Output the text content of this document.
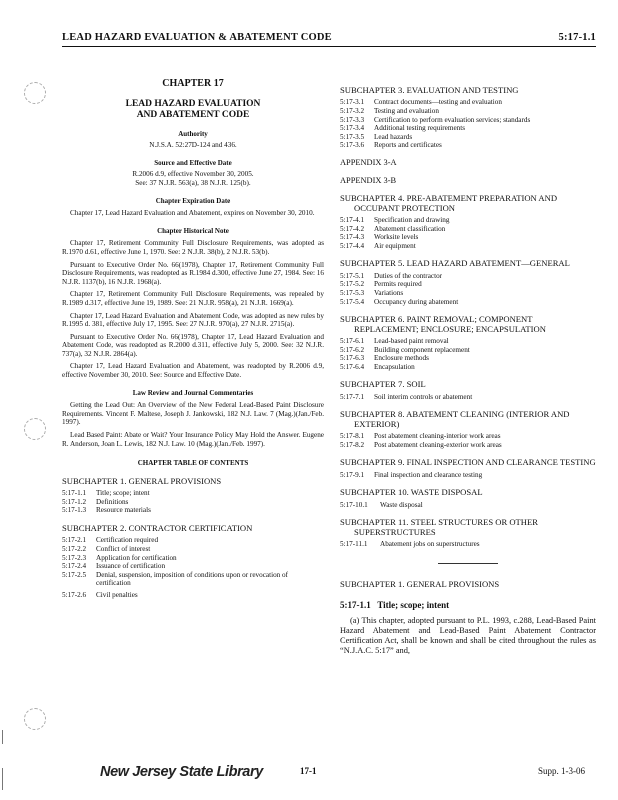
LEAD HAZARD EVALUATION & ABATEMENT CODE	5:17-1.1
CHAPTER 17
LEAD HAZARD EVALUATION
AND ABATEMENT CODE
Authority
N.J.S.A. 52:27D-124 and 436.
Source and Effective Date
R.2006 d.9, effective November 30, 2005.
See: 37 N.J.R. 563(a), 38 N.J.R. 125(b).
Chapter Expiration Date

Chapter 17, Lead Hazard Evaluation and Abatement, expires on November 30, 2010.

Chapter Historical Note

Chapter 17, Retirement Community Full Disclosure Requirements, was adopted as R.1970 d.61, effective June 1, 1970. See: 2 N.J.R. 38(b), 2 N.J.R. 53(b).

Pursuant to Executive Order No. 66(1978), Chapter 17, Retirement Community Full Disclosure Requirements, was readopted as R.1984 d.300, effective June 27, 1984. See: 16 N.J.R. 1137(b), 16 N.J.R. 1968(a).

Chapter 17, Retirement Community Full Disclosure Requirements, was repealed by R.1989 d.317, effective June 19, 1989. See: 21 N.J.R. 958(a), 21 N.J.R. 1669(a).

Chapter 17, Lead Hazard Evaluation and Abatement Code, was adopted as new rules by R.1995 d. 381, effective July 17, 1995. See: 27 N.J.R. 970(a), 27 N.J.R. 2715(a).

Pursuant to Executive Order No. 66(1978), Chapter 17, Lead Hazard Evaluation and Abatement Code, was readopted as R.2000 d.311, effective July 5, 2000. See: 32 N.J.R. 737(a), 32 N.J.R. 2864(a).

Chapter 17, Lead Hazard Evaluation and Abatement, was readopted by R.2006 d.9, effective November 30, 2010. See: Source and Effective Date.

Law Review and Journal Commentaries

Getting the Lead Out: An Overview of the New Federal Lead-Based Paint Disclosure Requirements. Vincent F. Maltese, Joseph J. Jankowski, 182 N.J. Law. 7 (Mag.)(Jan./Feb. 1997).

Lead Based Paint: Abate or Wait? Your Insurance Policy May Hold the Answer. Eugene R. Anderson, Joan L. Lewis, 182 N.J. Law. 10 (Mag.)(Jan./Feb. 1997).

CHAPTER TABLE OF CONTENTS
SUBCHAPTER 1. GENERAL PROVISIONS
5:17-1.1	Title; scope; intent
5:17-1.2	Definitions
5:17-1.3	Resource materials
SUBCHAPTER 2. CONTRACTOR CERTIFICATION
5:17-2.1	Certification required
5:17-2.2	Conflict of interest
5:17-2.3	Application for certification
5:17-2.4	Issuance of certification
5:17-2.5	Denial, suspension, imposition of conditions upon or revocation of certification
5:17-2.6	Civil penalties
SUBCHAPTER 3. EVALUATION AND TESTING
5:17-3.1	Contract documents—testing and evaluation
5:17-3.2	Testing and evaluation
5:17-3.3	Certification to perform evaluation services; standards
5:17-3.4	Additional testing requirements
5:17-3.5	Lead hazards
5:17-3.6	Reports and certificates
APPENDIX 3-A
APPENDIX 3-B
SUBCHAPTER 4. PRE-ABATEMENT PREPARATION AND OCCUPANT PROTECTION
5:17-4.1	Specification and drawing
5:17-4.2	Abatement classification
5:17-4.3	Worksite levels
5:17-4.4	Air equipment
SUBCHAPTER 5. LEAD HAZARD ABATEMENT—GENERAL
5:17-5.1	Duties of the contractor
5:17-5.2	Permits required
5:17-5.3	Variations
5:17-5.4	Occupancy during abatement
SUBCHAPTER 6. PAINT REMOVAL; COMPONENT REPLACEMENT; ENCLOSURE; ENCAPSULATION
5:17-6.1	Lead-based paint removal
5:17-6.2	Building component replacement
5:17-6.3	Enclosure methods
5:17-6.4	Encapsulation
SUBCHAPTER 7. SOIL
5:17-7.1	Soil interim controls or abatement
SUBCHAPTER 8. ABATEMENT CLEANING (INTERIOR AND EXTERIOR)
5:17-8.1	Post abatement cleaning-interior work areas
5:17-8.2	Post abatement cleaning-exterior work areas
SUBCHAPTER 9. FINAL INSPECTION AND CLEARANCE TESTING
5:17-9.1	Final inspection and clearance testing
SUBCHAPTER 10. WASTE DISPOSAL
5:17-10.1	Waste disposal
SUBCHAPTER 11. STEEL STRUCTURES OR OTHER SUPERSTRUCTURES
5:17-11.1	Abatement jobs on superstructures
SUBCHAPTER 1. GENERAL PROVISIONS
5:17-1.1   Title; scope; intent
(a) This chapter, adopted pursuant to P.L. 1993, c.288, Lead-Based Paint Hazard Abatement and Lead-Based Paint Abatement Contractor Certification Act, shall be known and shall be cited throughout the rules as “N.J.A.C. 5:17” and,
New Jersey State Library	17-1	Supp. 1-3-06
